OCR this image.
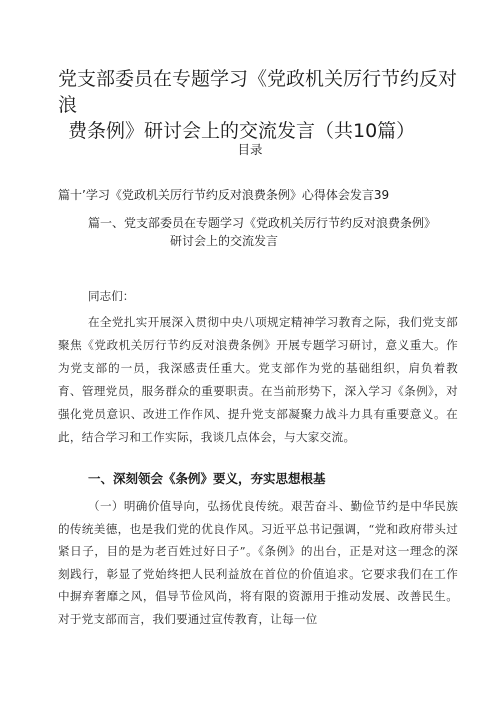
党支部委员在专题学习《党政机关厉行节约反对浪
费条例》研讨会上的交流发言（共10篇）
目录
篇十’学习《党政机关厉行节约反对浪费条例》心得体会发言39
篇一、党支部委员在专题学习《党政机关厉行节约反对浪费条例》
研讨会上的交流发言
同志们：

在全党扎实开展深入贯彻中央八项规定精神学习教育之际，我们党支部聚焦《党政机关厉行节约反对浪费条例》开展专题学习研讨，意义重大。作为党支部的一员，我深感责任重大。党支部作为党的基础组织，肩负着教育、管理党员，服务群众的重要职责。在当前形势下，深入学习《条例》，对强化党员意识、改进工作作风、提升党支部凝聚力战斗力具有重要意义。在此，结合学习和工作实际，我谈几点体会，与大家交流。

一、深刻领会《条例》要义，夯实思想根基

（一）明确价值导向，弘扬优良传统。艰苦奋斗、勤俭节约是中华民族的传统美德，也是我们党的优良作风。习近平总书记强调，“党和政府带头过紧日子，目的是为老百姓过好日子”。《条例》的出台，正是对这一理念的深刻践行，彰显了党始终把人民利益放在首位的价值追求。它要求我们在工作中摒弃奢靡之风，倡导节俭风尚，将有限的资源用于推动发展、改善民生。对于党支部而言，我们要通过宣传教育，让每一位
